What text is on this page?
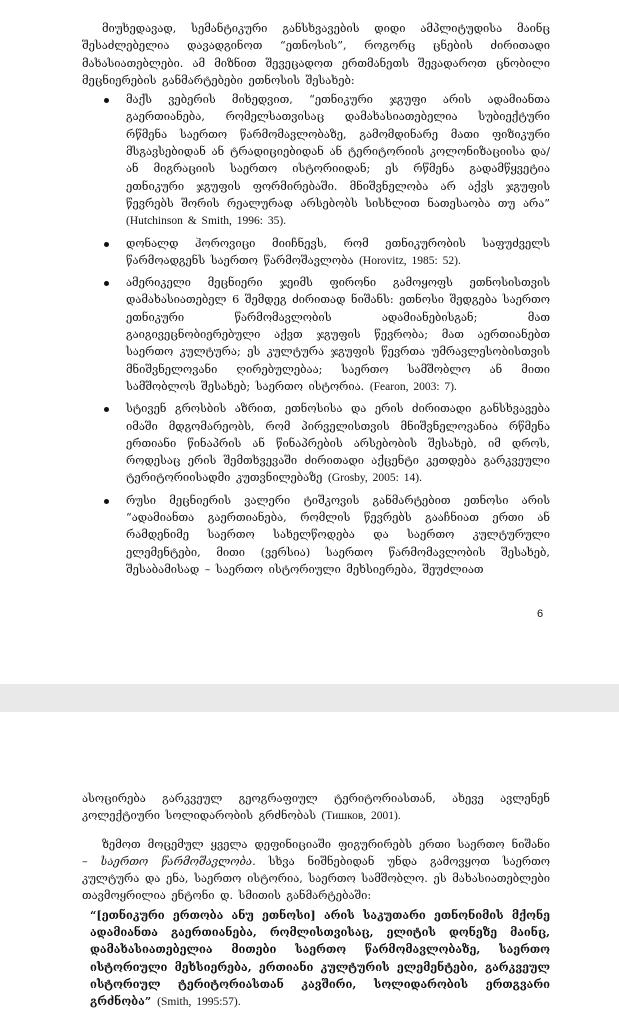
მიუხედავად, სემანტიკური განსხვავების დიდი ამპლიტუდისა მაინც შესაძლებელია დავადგინოთ “ეთნოსის”, როგორც ცნების ძირითადი მახასიათებლები. ამ მიზნით შევეცადოთ ერთმანეთს შევადაროთ ცნობილი მეცნიერების განმარტებები ეთნოსის შესახებ:

მაქს ვებერის მიხედვით, “ეთნიკური ჯგუფი არის ადამიანთა გაერთიანება, რომელსათვისაც დამახასიათებელია სუბიექტური რწმენა საერთო წარმომავლობაზე, გამომდინარე მათი ფიზიკური მსგავსებიდან ან ტრადიციებიდან ან ტერიტორიის კოლონიზაციისა და/ან მიგრაციის საერთო ისტორიიდან; ეს რწმენა გადამწყვეტია ეთნიკური ჯგუფის ფორმირებაში. მნიშვნელობა არ აქვს ჯგუფის წევრებს შორის რეალურად არსებობს სისხლით ნათესაობა თუ არა” (Hutchinson & Smith, 1996: 35).
დონალდ ჰოროვიცი მიიჩნევს, რომ ეთნიკურობის საფუძველს წარმოადგენს საერთო წარმოშავლობა (Horovitz, 1985: 52).
ამერიკელი მეცნიერი ჯეიმს ფირონი გამოყოფს ეთნოსისთვის დამახასიათებელ 6 შემდეგ ძირითად ნიშანს: ეთნოსი შედგება საერთო ეთნიკური წარმომავლობის ადამიანებისგან; მათ გაიგივეცნობიერებული აქვთ ჯგუფის წევრობა; მათ აერთიანებთ საერთო კულტურა; ეს კულტურა ჯგუფის წევრთა უმრავლესობისთვის მნიშვნელოვანი ღირებულებაა; საერთო სამშობლო ან მითი სამშობლოს შესახებ; საერთო ისტორია. (Fearon, 2003: 7).
სტივენ გროსბის აზრით, ეთნოსისა და ერის ძირითადი განსხვავება იმაში მდგომარეობს, რომ პირველისთვის მნიშვნელოვანია რწმენა ერთიანი წინაპრის ან წინაპრების არსებობის შესახებ, იმ დროს, როდესაც ერის შემთხვევაში ძირითადი აქცენტი კეთდება გარკვეული ტერიტორიისადმი კუთვნილებაზე (Grosby, 2005: 14).
რუსი მეცნიერის ვალერი ტიშკოვის განმარტებით ეთნოსი არის “ადამიანთა გაერთიანება, რომლის წევრებს გააჩნიათ ერთი ან რამდენიმე საერთო სახელწოდება და საერთო კულტურული ელემენტები, მითი (ვერსია) საერთო წარმომავლობის შესახებ, შესაბამისად – საერთო ისტორიული მეხსიერება, შეუძლიათ
6

ასოცირება გარკვეულ გეოგრაფიულ ტერიტორიასთან, ახევე ავლენენ კოლექტიური სოლიდარობის გრძნობას (Тишков, 2001).

ზემოთ მოცემულ ყველა დეფინიციაში ფიგურირებს ერთი საერთო ნიშანი – საერთო წარმოშავლობა. სხვა ნიშნებიდან უნდა გამოვყოთ საერთო კულტურა და ენა, საერთო ისტორია, საერთო სამშობლო. ეს მახასიათებლები თავმოყრილია ენტონი დ. სმითის განმარტებაში:

“[ეთნიკური ერთობა ანუ ეთნოსი] არის საკუთარი ეთნონიმის მქონე ადამიანთა გაერთიანება, რომლისთვისაც, ელიტის დონეზე მაინც, დამახასიათებელია მითები საერთო წარმომავლობაზე, საერთო ისტორიული მეხსიერება, ერთიანი კულტურის ელემენტები, გარკვეულ ისტორიულ ტერიტორიასთან კავშირი, სოლიდარობის ერთგვარი გრძნობა” (Smith, 1995:57).
